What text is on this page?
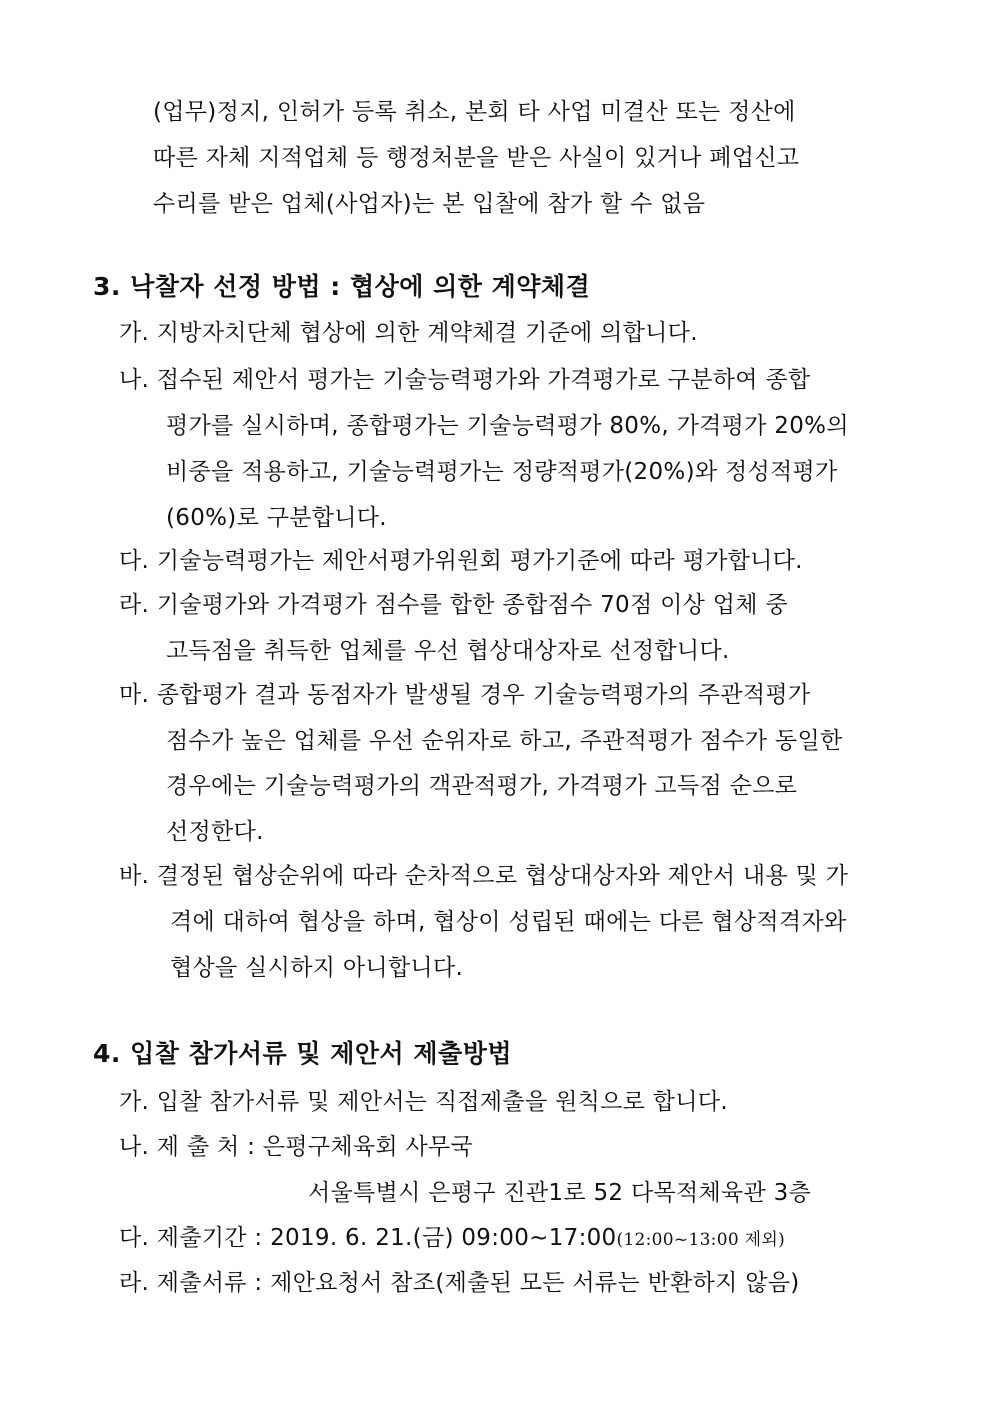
(업무)정지, 인허가 등록 취소, 본회 타 사업 미결산 또는 정산에
따른 자체 지적업체 등 행정처분을 받은 사실이 있거나 폐업신고
수리를 받은 업체(사업자)는 본 입찰에 참가 할 수 없음
3. 낙찰자 선정 방법 : 협상에 의한 계약체결
가. 지방자치단체 협상에 의한 계약체결 기준에 의합니다.
나. 접수된 제안서 평가는 기술능력평가와 가격평가로 구분하여 종합
평가를 실시하며, 종합평가는 기술능력평가 80%, 가격평가 20%의
비중을 적용하고, 기술능력평가는 정량적평가(20%)와 정성적평가
(60%)로 구분합니다.
다. 기술능력평가는 제안서평가위원회 평가기준에 따라 평가합니다.
라. 기술평가와 가격평가 점수를 합한 종합점수 70점 이상 업체 중
고득점을 취득한 업체를 우선 협상대상자로 선정합니다.
마. 종합평가 결과 동점자가 발생될 경우 기술능력평가의 주관적평가
점수가 높은 업체를 우선 순위자로 하고, 주관적평가 점수가 동일한
경우에는 기술능력평가의 객관적평가, 가격평가 고득점 순으로
선정한다.
바. 결정된 협상순위에 따라 순차적으로 협상대상자와 제안서 내용 및 가
격에 대하여 협상을 하며, 협상이 성립된 때에는 다른 협상적격자와
협상을 실시하지 아니합니다.
4. 입찰 참가서류 및 제안서 제출방법
가. 입찰 참가서류 및 제안서는 직접제출을 원칙으로 합니다.
나. 제 출 처 : 은평구체육회 사무국
서울특별시 은평구 진관1로 52 다목적체육관 3층
다. 제출기간 : 2019. 6. 21.(금) 09:00~17:00(12:00~13:00 제외)
라. 제출서류 : 제안요청서 참조(제출된 모든 서류는 반환하지 않음)
